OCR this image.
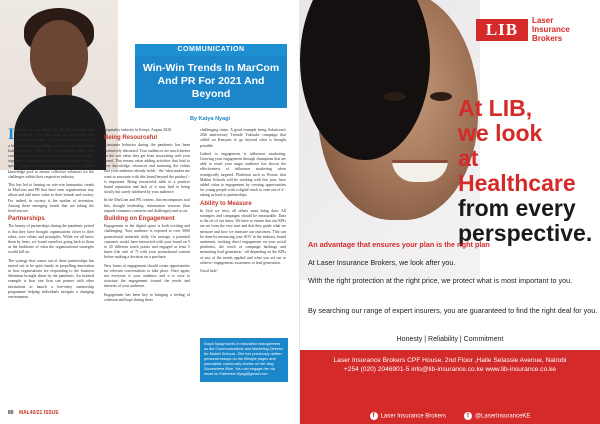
COMMUNICATION
Win-Win Trends In MarCom And PR For 2021 And Beyond
By Katya Nyagi

If there is one thing the Covid pandemic has reinforced, it is the need to collaborate and support each other. Pre-Covid strategies that had a larger focus on outwitting competition are now being balanced with focus on organisations that can complement your objectives to achieve mutual aims - together. Competitors have also found unique ways to speak to each other and therefore have created a larger knowledge pool to ensure collective solutions for the challenges within their respective industry.

This has led to leaning on win-win humanistic trends in MarCom and PR that have seen organisations stay afloat and add more value to their brands and society. For indeed, in society is the mother of invention. Among these emerging trends that are taking the forefront are:

Partnerships

The beauty of partnerships during the pandemic period is that they have brought organisations closer to their ethos, core values and principles. While we all know them by heart, we found ourselves going back to them as the backbone of what the organizational strategies would fall on.

The synergy that comes out of these partnerships has turned out to be quite handy in propelling innovation in how organisations are responding to the business dilemmas brought about by the pandemic. An isolated example is how one firm can partner with other institutions to launch a free-entry mentorship programme helping individuals navigate a changing environment.

hospitality industry in Kenya, August 2020.

Being Resourceful

Consumer behavior during the pandemic has been extensively discussed. Your audiences are much keener on the soft value they get from associating with your brand. This means value adding activities that lead to new knowledge, resources and nurturing the values that your audience already holds - the 'what makes me want to associate with this brand beyond the product' - is important. Being resourceful adds to a positive brand reputation and lack of it may lead to being slowly but surely sidelined by your audience.

In the MarCom and PR context, this encompasses tool kits, thought leadership, information sessions (that unpack consumer concerns and challenges) and so on.

Building on Engagement

Engagement in the digital space is both exciting and challenging. Your audience is exposed to over 5000 promotional materials daily. On average, a potential customer would have interacted with your brand on 5 to 20 different touch points and engaged at least 5 times (the rule of 7) with your promotional content before making a decision on a purchase.

New forms of engagement should create opportunities for relevant conversations to take place. Once again, not everyone is your audience and it is wise to structure the engagement toward the needs and interests of your audience.

Engagement has been key to bringing a feeling of cohesion and hope during these

challenging times. A good example being Safaricom's 20th anniversary Twende Tukisake campaign that called on Kenyans to go beyond what is thought possible.

Linked to engagement is influencer marketing. Growing your engagement through champions that are able to reach your target audience has shown the effectiveness of influencer marketing when strategically targeted. Platforms such as Wowzi, that Mabini Schools will be working with this year, have added value to engagement by creating opportunities for young people with a digital reach to earn out of it - taking us back to partnerships.

Ability to Measure

In God we trust, all others must bring data. All strategies and campaigns should be measurable. Data is the oil of our times. We have to ensure that our KPIs are set from the very start and that they guide what we measure and how we measure our outcomes. This can be done by measuring your SOV in the industry, brand sentiment, tracking direct engagement on your social platforms, the reach of campaign hashtags and measuring lead generation - all depending on the KPIs of any of the trends applied and what you set out to achieve: engagement, awareness or lead generation.

Good luck!

Katya Nyagi works in education management as the Communications and Marketing Director for Mabini Schools. She has previously written personal essays on the lifestyle pages and journalistic community stories on her blog Somewhere Blue. You can engage her via email on Katherine.Nyagi@gmail.com.
80 MAL40/21 ISSUE
LIB	Laser
Insurance
Brokers
At LIB,
we look
at Healthcare
from every
perspective.
An advantage that ensures your plan is the right plan
At Laser Insurance Brokers, we look after you.
With the right protection at the right price, we protect what is most important to you.
By searching our range of expert insurers, you are guaranteed to find the right deal for you.
Honesty | Reliability | Commitment
Laser Insurance Brokers CPF House, 2nd Floor ,Haile Selassie Avenue, Nairobi
+254 (020) 2046901-5 info@lib-insurance.co.ke www.lib-insurance.co.ke
f Laser Insurance Brokers	t @LaserInsuranceKE
